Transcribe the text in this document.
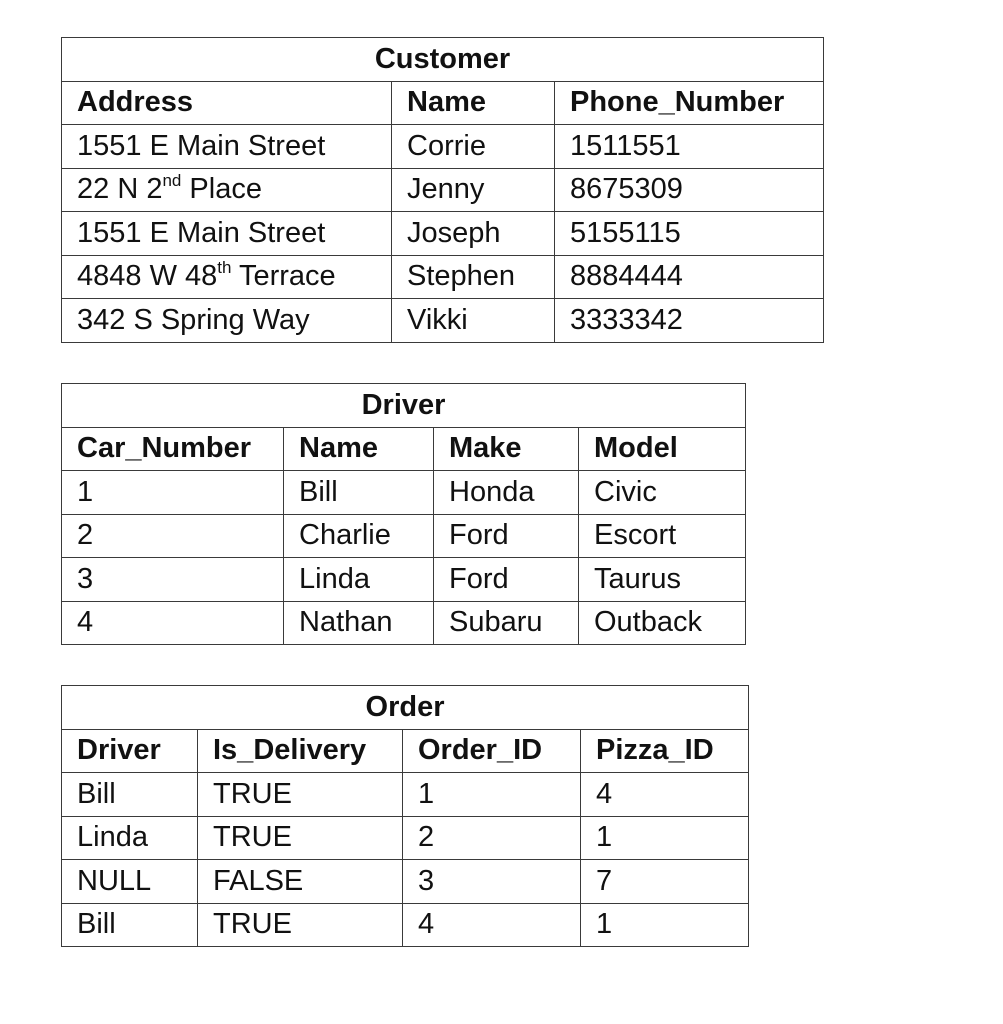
Customer		
Address	Name	Phone_Number
1551 E Main Street	Corrie	1511551
22 N 2nd Place	Jenny	8675309
1551 E Main Street	Joseph	5155115
4848 W 48th Terrace	Stephen	8884444
342 S Spring Way	Vikki	3333342
Driver			
Car_Number	Name	Make	Model
1	Bill	Honda	Civic
2	Charlie	Ford	Escort
3	Linda	Ford	Taurus
4	Nathan	Subaru	Outback
Order			
Driver	Is_Delivery	Order_ID	Pizza_ID
Bill	TRUE	1	4
Linda	TRUE	2	1
NULL	FALSE	3	7
Bill	TRUE	4	1
